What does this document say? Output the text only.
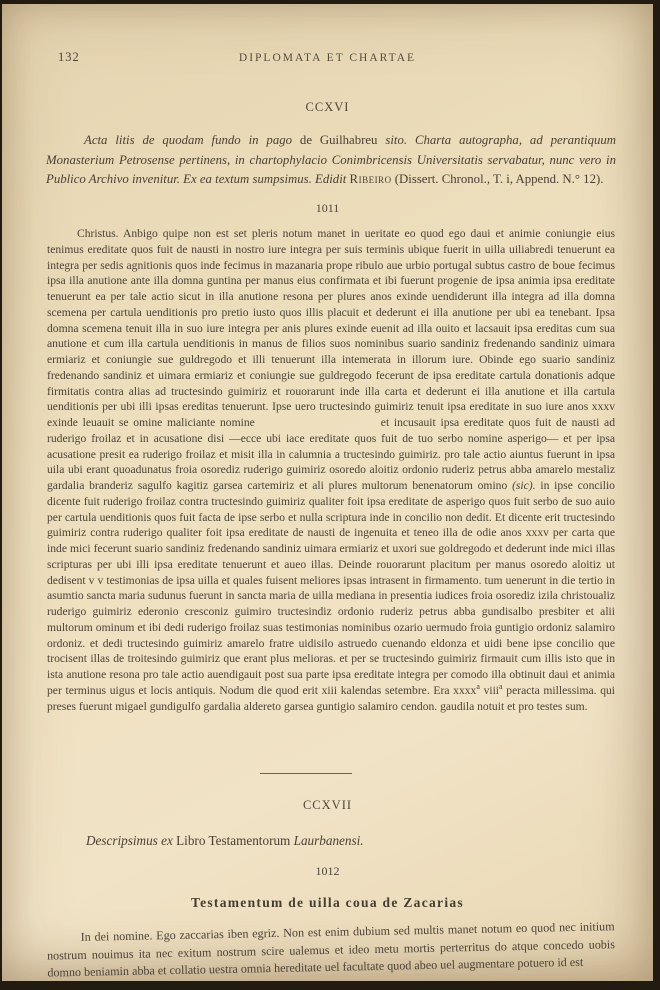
132	DIPLOMATA ET CHARTAE
CCXVI
Acta litis de quodam fundo in pago de Guilhabreu sito. Charta autographa, ad perantiquum Monasterium Petrosense pertinens, in chartophylacio Conimbricensis Universitatis servabatur, nunc vero in Publico Archivo invenitur. Ex ea textum sumpsimus. Edidit Ribeiro (Dissert. Chronol., T. i, Append. N.° 12).
1011
Christus. Anbigo quipe non est set pleris notum manet in ueritate eo quod ego daui et animie coniungie eius tenimus ereditate quos fuit de nausti in nostro iure integra per suis terminis ubique fuerit in uilla uiliabredi tenuerunt ea integra per sedis agnitionis quos inde fecimus in mazanaria prope ribulo aue urbio portugal subtus castro de boue fecimus ipsa illa anutione ante illa domna guntina per manus eius confirmata et ibi fuerunt progenie de ipsa animia ipsa ereditate tenuerunt ea per tale actio sicut in illa anutione resona per plures anos exinde uendiderunt illa integra ad illa domna scemena per cartula uenditionis pro pretio iusto quos illis placuit et dederunt ei illa anutione per ubi ea tenebant. Ipsa domna scemena tenuit illa in suo iure integra per anis plures exinde euenit ad illa ouito et lacsauit ipsa ereditas cum sua anutione et cum illa cartula uenditionis in manus de filios suos nominibus suario sandiniz fredenando sandiniz uimara ermiariz et coniungie sue guldregodo et illi tenuerunt illa intemerata in illorum iure. Obinde ego suario sandiniz fredenando sandiniz et uimara ermiariz et coniungie sue guldregodo fecerunt de ipsa ereditate cartula donationis adque firmitatis contra alias ad tructesindo guimiriz et rouorarunt inde illa carta et dederunt ei illa anutione et illa cartula uenditionis per ubi illi ipsas ereditas tenuerunt. Ipse uero tructesindo guimiriz tenuit ipsa ereditate in suo iure anos xxxv exinde leuauit se omine maliciante nomine	et incusauit ipsa ereditate quos fuit de nausti ad ruderigo froilaz et in acusatione disi —ecce ubi iace ereditate quos fuit de tuo serbo nomine asperigo— et per ipsa acusatione presit ea ruderigo froilaz et misit illa in calumnia a tructesindo guimiriz. pro tale actio aiuntus fuerunt in ipsa uila ubi erant quoadunatus froia osorediz ruderigo guimiriz osoredo aloitiz ordonio ruderiz petrus abba amarelo mestaliz gardalia branderiz sagulfo kagitiz garsea cartemiriz et ali plures multorum benenatorum omino (sic). in ipse concilio dicente fuit ruderigo froilaz contra tructesindo guimiriz qualiter foit ipsa ereditate de asperigo quos fuit serbo de suo auio per cartula uenditionis quos fuit facta de ipse serbo et nulla scriptura inde in concilio non dedit. Et dicente erit tructesindo guimiriz contra ruderigo qualiter foit ipsa ereditate de nausti de ingenuita et teneo illa de odie anos xxxv per carta que inde mici fecerunt suario sandiniz fredenando sandiniz uimara ermiariz et uxori sue goldregodo et dederunt inde mici illas scripturas per ubi illi ipsa ereditate tenuerunt et aueo illas. Deinde rouorarunt placitum per manus osoredo aloitiz ut dedisent v v testimonias de ipsa uilla et quales fuisent meliores ipsas intrasent in firmamento. tum uenerunt in die tertio in asumtio sancta maria sudunus fuerunt in sancta maria de uilla mediana in presentia iudices froia osorediz izila christoualiz ruderigo guimiriz ederonio cresconiz guimiro tructesindiz ordonio ruderiz petrus abba gundisalbo presbiter et alii multorum ominum et ibi dedi ruderigo froilaz suas testimonias nominibus ozario uermudo froia guntigio ordoniz salamiro ordoniz. et dedi tructesindo guimiriz amarelo fratre uidisilo astruedo cuenando eldonza et uidi bene ipse concilio que trocisent illas de troitesindo guimiriz que erant plus melioras. et per se tructesindo guimiriz firmauit cum illis isto que in ista anutione resona pro tale actio auendigauit post sua parte ipsa ereditate integra per comodo illa obtinuit daui et animia per terminus uigus et locis antiquis. Nodum die quod erit xiii kalendas setembre. Era xxxx$^a$ viii$^a$ peracta millessima. qui preses fuerunt migael gundigulfo gardalia aldereto garsea guntigio salamiro cendon. gaudila notuit et pro testes sum.
CCXVII
Descripsimus ex Libro Testamentorum Laurbanensi.
1012
Testamentum de uilla coua de Zacarias
In dei nomine. Ego zaccarias iben egriz. Non est enim dubium sed multis manet notum eo quod nec initium nostrum nouimus ita nec exitum nostrum scire ualemus et ideo metu mortis perterritus do atque concedo uobis domno beniamin abba et collatio uestra omnia hereditate uel facultate quod abeo uel augmentare potuero id est
